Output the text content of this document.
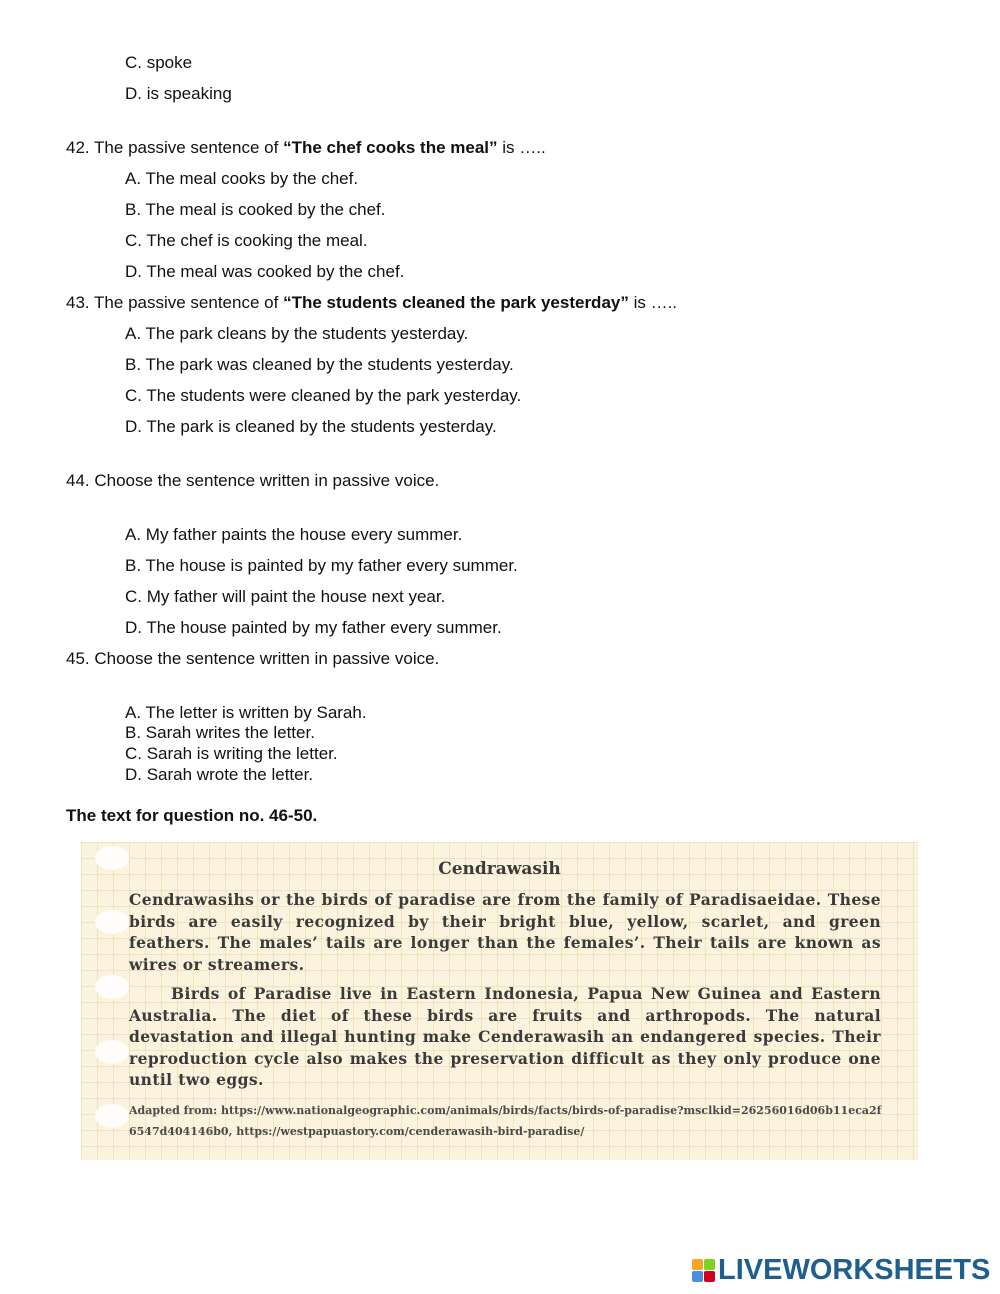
C. spoke
D. is speaking
42. The passive sentence of “The chef cooks the meal” is …..
A. The meal cooks by the chef.
B. The meal is cooked by the chef.
C. The chef is cooking the meal.
D. The meal was cooked by the chef.
43. The passive sentence of “The students cleaned the park yesterday” is …..
A. The park cleans by the students yesterday.
B. The park was cleaned by the students yesterday.
C. The students were cleaned by the park yesterday.
D. The park is cleaned by the students yesterday.
44. Choose the sentence written in passive voice.
A. My father paints the house every summer.
B. The house is painted by my father every summer.
C. My father will paint the house next year.
D. The house painted by my father every summer.
45. Choose the sentence written in passive voice.
A. The letter is written by Sarah.
B. Sarah writes the letter.
C. Sarah is writing the letter.
D. Sarah wrote the letter.
The text for question no. 46-50.
Cendrawasih
Cendrawasihs or the birds of paradise are from the family of Paradisaeidae. These birds are easily recognized by their bright blue, yellow, scarlet, and green feathers. The males’ tails are longer than the females’. Their tails are known as wires or streamers.
Birds of Paradise live in Eastern Indonesia, Papua New Guinea and Eastern Australia. The diet of these birds are fruits and arthropods. The natural devastation and illegal hunting make Cenderawasih an endangered species. Their reproduction cycle also makes the preservation difficult as they only produce one until two eggs.
Adapted from: https://www.nationalgeographic.com/animals/birds/facts/birds-of-paradise?msclkid=26256016d06b11eca2f6547d404146b0, https://westpapuastory.com/cenderawasih-bird-paradise/
LIVEWORKSHEETS
